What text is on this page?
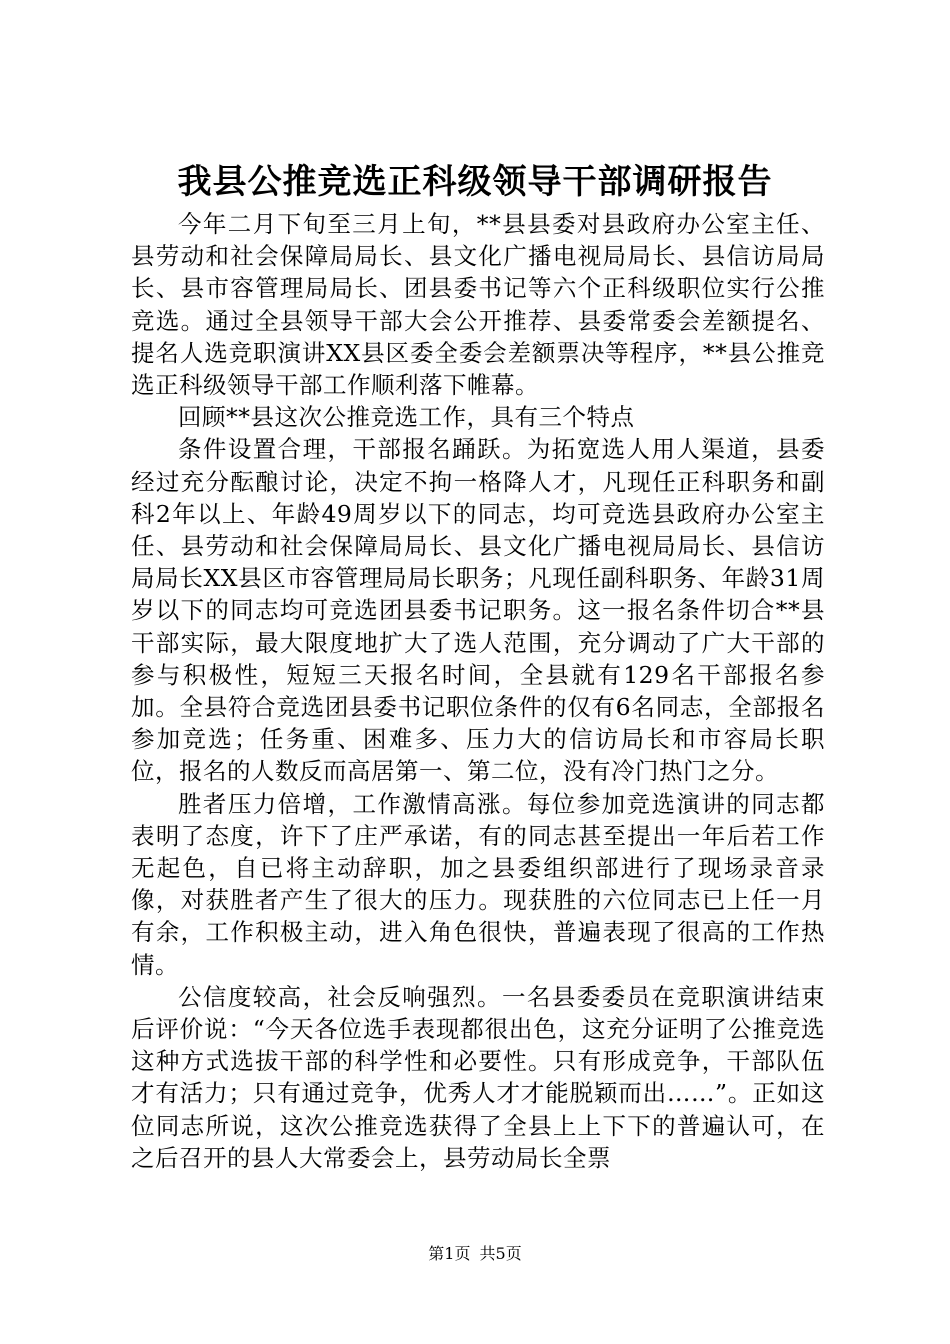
我县公推竞选正科级领导干部调研报告

今年二月下旬至三月上旬，**县县委对县政府办公室主任、县劳动和社会保障局局长、县文化广播电视局局长、县信访局局长、县市容管理局局长、团县委书记等六个正科级职位实行公推竞选。通过全县领导干部大会公开推荐、县委常委会差额提名、提名人选竞职演讲XX县区委全委会差额票决等程序，**县公推竞选正科级领导干部工作顺利落下帷幕。

回顾**县这次公推竞选工作，具有三个特点

条件设置合理，干部报名踊跃。为拓宽选人用人渠道，县委经过充分酝酿讨论，决定不拘一格降人才，凡现任正科职务和副科2年以上、年龄49周岁以下的同志，均可竞选县政府办公室主任、县劳动和社会保障局局长、县文化广播电视局局长、县信访局局长XX县区市容管理局局长职务；凡现任副科职务、年龄31周岁以下的同志均可竞选团县委书记职务。这一报名条件切合**县干部实际，最大限度地扩大了选人范围，充分调动了广大干部的参与积极性，短短三天报名时间，全县就有129名干部报名参加。全县符合竞选团县委书记职位条件的仅有6名同志，全部报名参加竞选；任务重、困难多、压力大的信访局长和市容局长职位，报名的人数反而高居第一、第二位，没有冷门热门之分。

胜者压力倍增，工作激情高涨。每位参加竞选演讲的同志都表明了态度，许下了庄严承诺，有的同志甚至提出一年后若工作无起色，自已将主动辞职，加之县委组织部进行了现场录音录像，对获胜者产生了很大的压力。现获胜的六位同志已上任一月有余，工作积极主动，进入角色很快，普遍表现了很高的工作热情。

公信度较高，社会反响强烈。一名县委委员在竞职演讲结束后评价说：“今天各位选手表现都很出色，这充分证明了公推竞选这种方式选拔干部的科学性和必要性。只有形成竞争，干部队伍才有活力；只有通过竞争，优秀人才才能脱颖而出……”。正如这位同志所说，这次公推竞选获得了全县上上下下的普遍认可，在之后召开的县人大常委会上，县劳动局长全票

第1页 共5页
